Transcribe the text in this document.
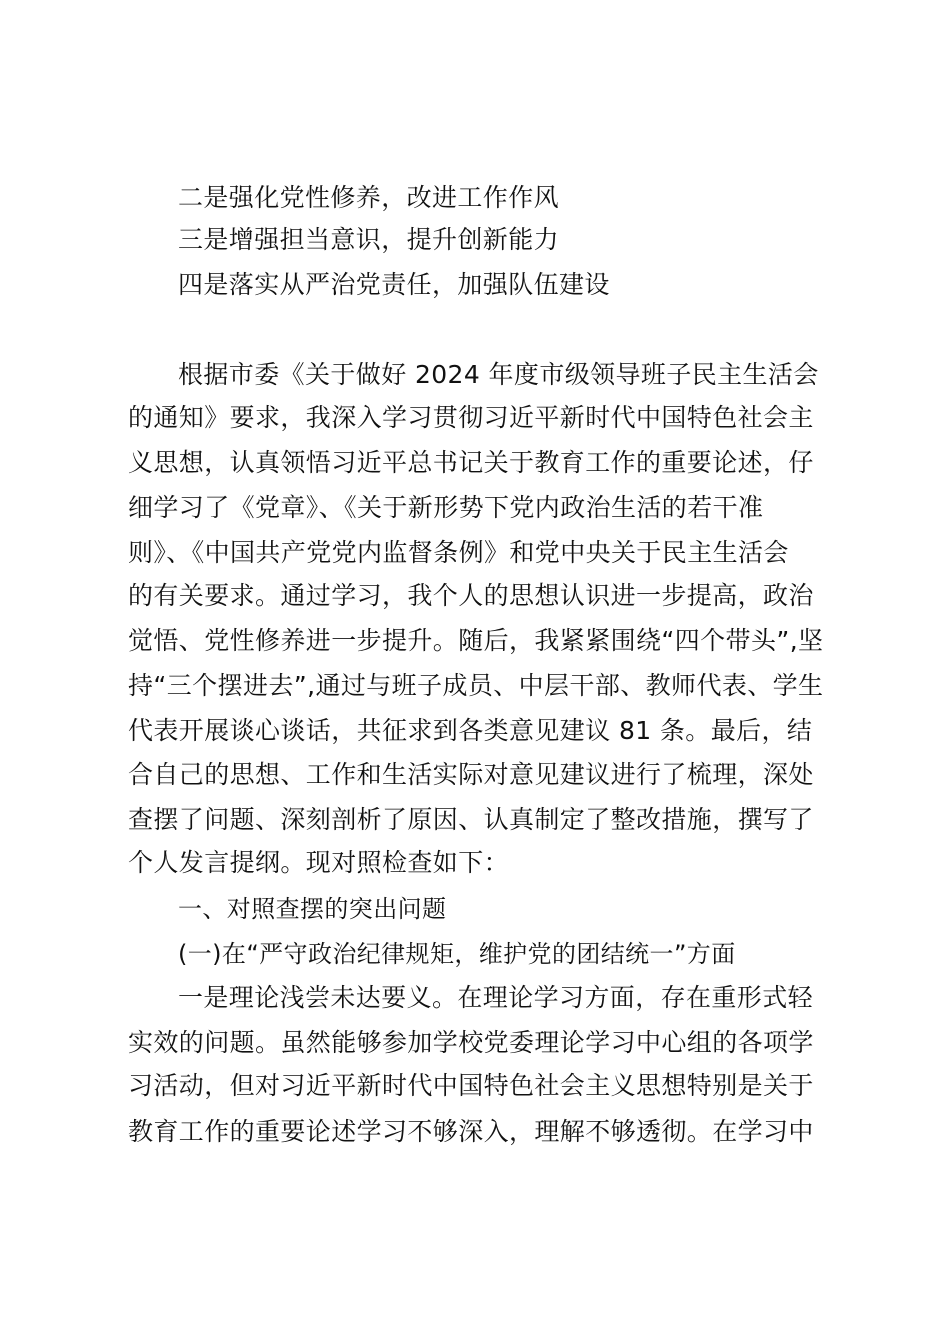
二是强化党性修养，改进工作作风
三是增强担当意识，提升创新能力
四是落实从严治党责任，加强队伍建设
根据市委《关于做好 2024 年度市级领导班子民主生活会
的通知》要求，我深入学习贯彻习近平新时代中国特色社会主
义思想，认真领悟习近平总书记关于教育工作的重要论述，仔
细学习了《党章》、《关于新形势下党内政治生活的若干准
则》、《中国共产党党内监督条例》和党中央关于民主生活会
的有关要求。通过学习，我个人的思想认识进一步提高，政治
觉悟、党性修养进一步提升。随后，我紧紧围绕“四个带头”,坚
持“三个摆进去”,通过与班子成员、中层干部、教师代表、学生
代表开展谈心谈话，共征求到各类意见建议 81 条。最后，结
合自己的思想、工作和生活实际对意见建议进行了梳理，深处
查摆了问题、深刻剖析了原因、认真制定了整改措施，撰写了
个人发言提纲。现对照检查如下：
一、对照查摆的突出问题
(一)在“严守政治纪律规矩，维护党的团结统一”方面
一是理论浅尝未达要义。在理论学习方面，存在重形式轻
实效的问题。虽然能够参加学校党委理论学习中心组的各项学
习活动，但对习近平新时代中国特色社会主义思想特别是关于
教育工作的重要论述学习不够深入，理解不够透彻。在学习中
